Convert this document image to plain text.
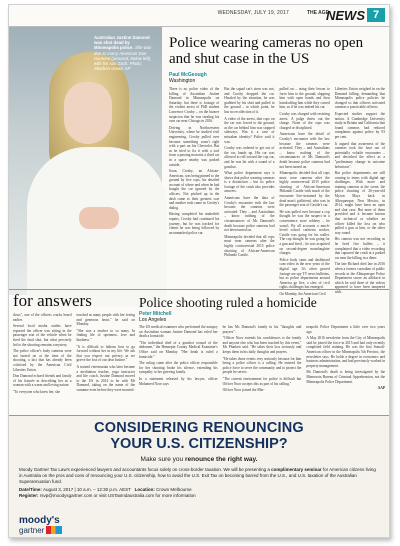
WEDNESDAY, JULY 19, 2017	THE AGE
NEWS 7
Australian Justine Damond was shot dead by Minneapolis police. She was due to marry American Don Damond (pictured, below left), with his son Zach. Photo: Stephen Govel, AP
Police wearing cameras no open and shut case in the US
Paul McGeough
Washington

There is no police video of the killing of Australian Justine Damond in Minneapolis on Saturday, but there is footage of the violent arrest of PhD student Lawrence Crosby – on the bizarre suspicion that he was stealing his own car near Chicago in 2016.

Driving in Northwestern University, where he studied civil engineering, Crosby pulled over because something wasn't right with a part on his Chevrolet. But as he tried to fix it with a tool from a passing motorist a third car in a space nearby was parked outside.

Soon, Crosby, an African-American, was being pinned to the ground by five cops, his detailed account of where and when he had bought the car ignored by the officers. Not pitched up in the dash came to their greatest scar and another rush came in Crosby's dialog.

Having completed his makeshift repairs, Crosby had continued his journey, but he was tracked for clients he was being followed by an unmarked police car.

But the squad car's siren was not, and Crosby dropped the car. Hassled by the situation, he was grabbed by his shirt and pulled to the ground – at which point, he has no recollection of it.

A video of the arrest, that cops on the car was forced to the ground, as the car behind him was stopped sideways. Was it a case of mistaken identity? Police said it was.

Crosby was ordered to get out of the car, hands up. His car was allowed to roll toward the cop car, and he was hit with a sound of a gunshot.

What police department says it shows that police wearing cameras is a distinction – but its police footage of the crash also provides answers.

Americans have the data of Crosby's encounter with the law because the cameras were activated. They – and Australians – know nothing of the circumstances of Ms Damond's death because police cameras had not been turned on.

Minneapolis decided that all cops must wear cameras after the highly controversial 2015 police shooting of African-American Philando Castile.

pulled on – using their lesson to force him to the ground, slapping him with open hands and then handcuffing him while they cursed him, as if he was indeed his car.

Crosby was charged with resisting arrest. A judge threw out the charge. None of the cops was charged or disciplined.

Americans have the detail of Crosby's encounter with the law because the cameras were activated. They – and Australians – know nothing of the circumstances of Ms Damond's death because police cameras had not been turned on.

Minneapolis decided that all cops must wear cameras after the highly controversial 2015 police shooting of African-American Philando Castile with much of the encounter live-streamed by the dead man's girlfriend, who was in the passenger seat of Castile's car.

He was pulled over because a cop thought he was the suspect in a convenience store robbery – he wasn't. By all accounts a much-loved school cafeteria worker, Castile was going for his wallet. The cop thought he was going for a gun and fired – he was acquitted on second-degree manslaughter charges.

Police body cams and dashboard cam video in the new years of the digital age. It's often graced footage are spy TV news bulletins, but as police departments around America go live, a slew of civil rights challenges has emerged.

On Monday, the American Civil

Liberties Union weighed in on the Damond killing, demanding that Minneapolis police policies be changed so that officers activated cameras a practicable officers.

Expected studies support the notion. A Cambridge University study in Britain and California that found cameras had reduced complaints against police by 93 per cent.

It argued that awareness of the cameras took the heat out of potentially volatile encounters – and described the effect as a "preliminary change in outcome behaviour".

But police departments are still coming to terms with digital age challenges. With more and training cameras at the scene, the police shooting of 26-year-old Myron Mays back in Albuquerque, New Mexico, in 2014, might have been an open and shut case. But none of them provided and it became known that technical or whether an officer killed the loss on who pulled a gun at him, or the other way round.

His camera was not recording as he fired five bullets – it complained that a video recording that captured the crash at a parked car near the killing in a diner.

The late Richard died late in 2016 when a former custodian of public records in the Albuquerque Police Department swore an affidavit in which he said three of the videos appeared to have been tampered with.

for answers	Police shooting ruled a homicide
Peter Mitchell
Los Angeles

dows", one of the officers cracks heard earlier.

Several local media outlets have reported the officer was sitting in the passenger seat of the vehicle when he fired the fatal shot, but what precisely led to the shooting remains a mystery.

The police officer's body cameras were not turned on at the time of the shooting, a fact that has already been criticised by the American Civil Liberties Union.

Don Damond echoed friends and family of his fiancée in describing her as a woman with a warm and loving nature.

"To everyone who knew her, she

touched as many people with her loving and generous heart," he said on Monday.

"She was a teacher to so many. In finding life of openness, love and kindness."

"It is difficult to fathom how to go forward without her in my life. We ask that you respect our privacy as we grieve the loss of our dear Justine."

A trained veterinarian who later became a meditation teacher, yoga instructor and life coach, Justine Damond moved to the US in 2014 to be with Mr Damond, taking on the name of the surname even before they were married.

The US medical examiner who performed the autopsy on Australian woman Justine Damond has ruled her death a homicide.

"The individual died of a gunshot wound of the abdomen," the Hennepin County Medical Examiner's Office said on Monday. "Her death is ruled a homicide."

The ruling came after the police officer responsible for her shooting broke his silence, extending his sympathy to her grieving family.

In a statement released by his lawyer, officer Mohamed Noor says

he has Ms Damond's family in his "thoughts and prayers".

"Officer Noor extends his condolences to the family and anyone else who has been touched by this event," Mr Plunkett said. "He takes their loss seriously and keeps them in his daily thoughts and prayers.

"He takes those events very seriously because for him being a police officer is a calling. He entered the police force to serve the community and to protect the people he serves.

"The current environment for police is difficult but Officer Noor accepts this as part of his calling."

Officer Noor joined the Min-

neapolis Police Department a little over two years ago.

A May 2016 newsletter from the City of Minneapolis said he joined the force in 2015 and had only recently completed field training. He was the first Somali-American officer in the Minneapolis 5th Precinct, the newsletter says. He holds a degree in economics and business administration, and had previously worked in property management.

Ms Damond's death is being investigated by the Minnesota Bureau of Criminal Apprehension, not the Minneapolis Police Department.

AAP

CONSIDERING RENOUNCING
YOUR U.S. CITIZENSHIP?
Make sure you renounce the right way.
Moody Gartner Tax Law's experienced lawyers and accountants focus solely on cross-border taxation. We will be presenting a complimentary seminar for American citizens living in Australia on the pros and cons of renouncing your U.S. citizenship, how to avoid the U.S. Exit Tax on becoming barred from the U.S., and U.S. taxation of the Australian Superannuation fund.
Date/Time: August 3, 2017 | 10 a.m. – 12:30 p.m. AEST Location: Crown Melbourne
Register: rsvp@moodysgartner.com or visit USTaxIndaustralia.com for more information
moody's
gartner
